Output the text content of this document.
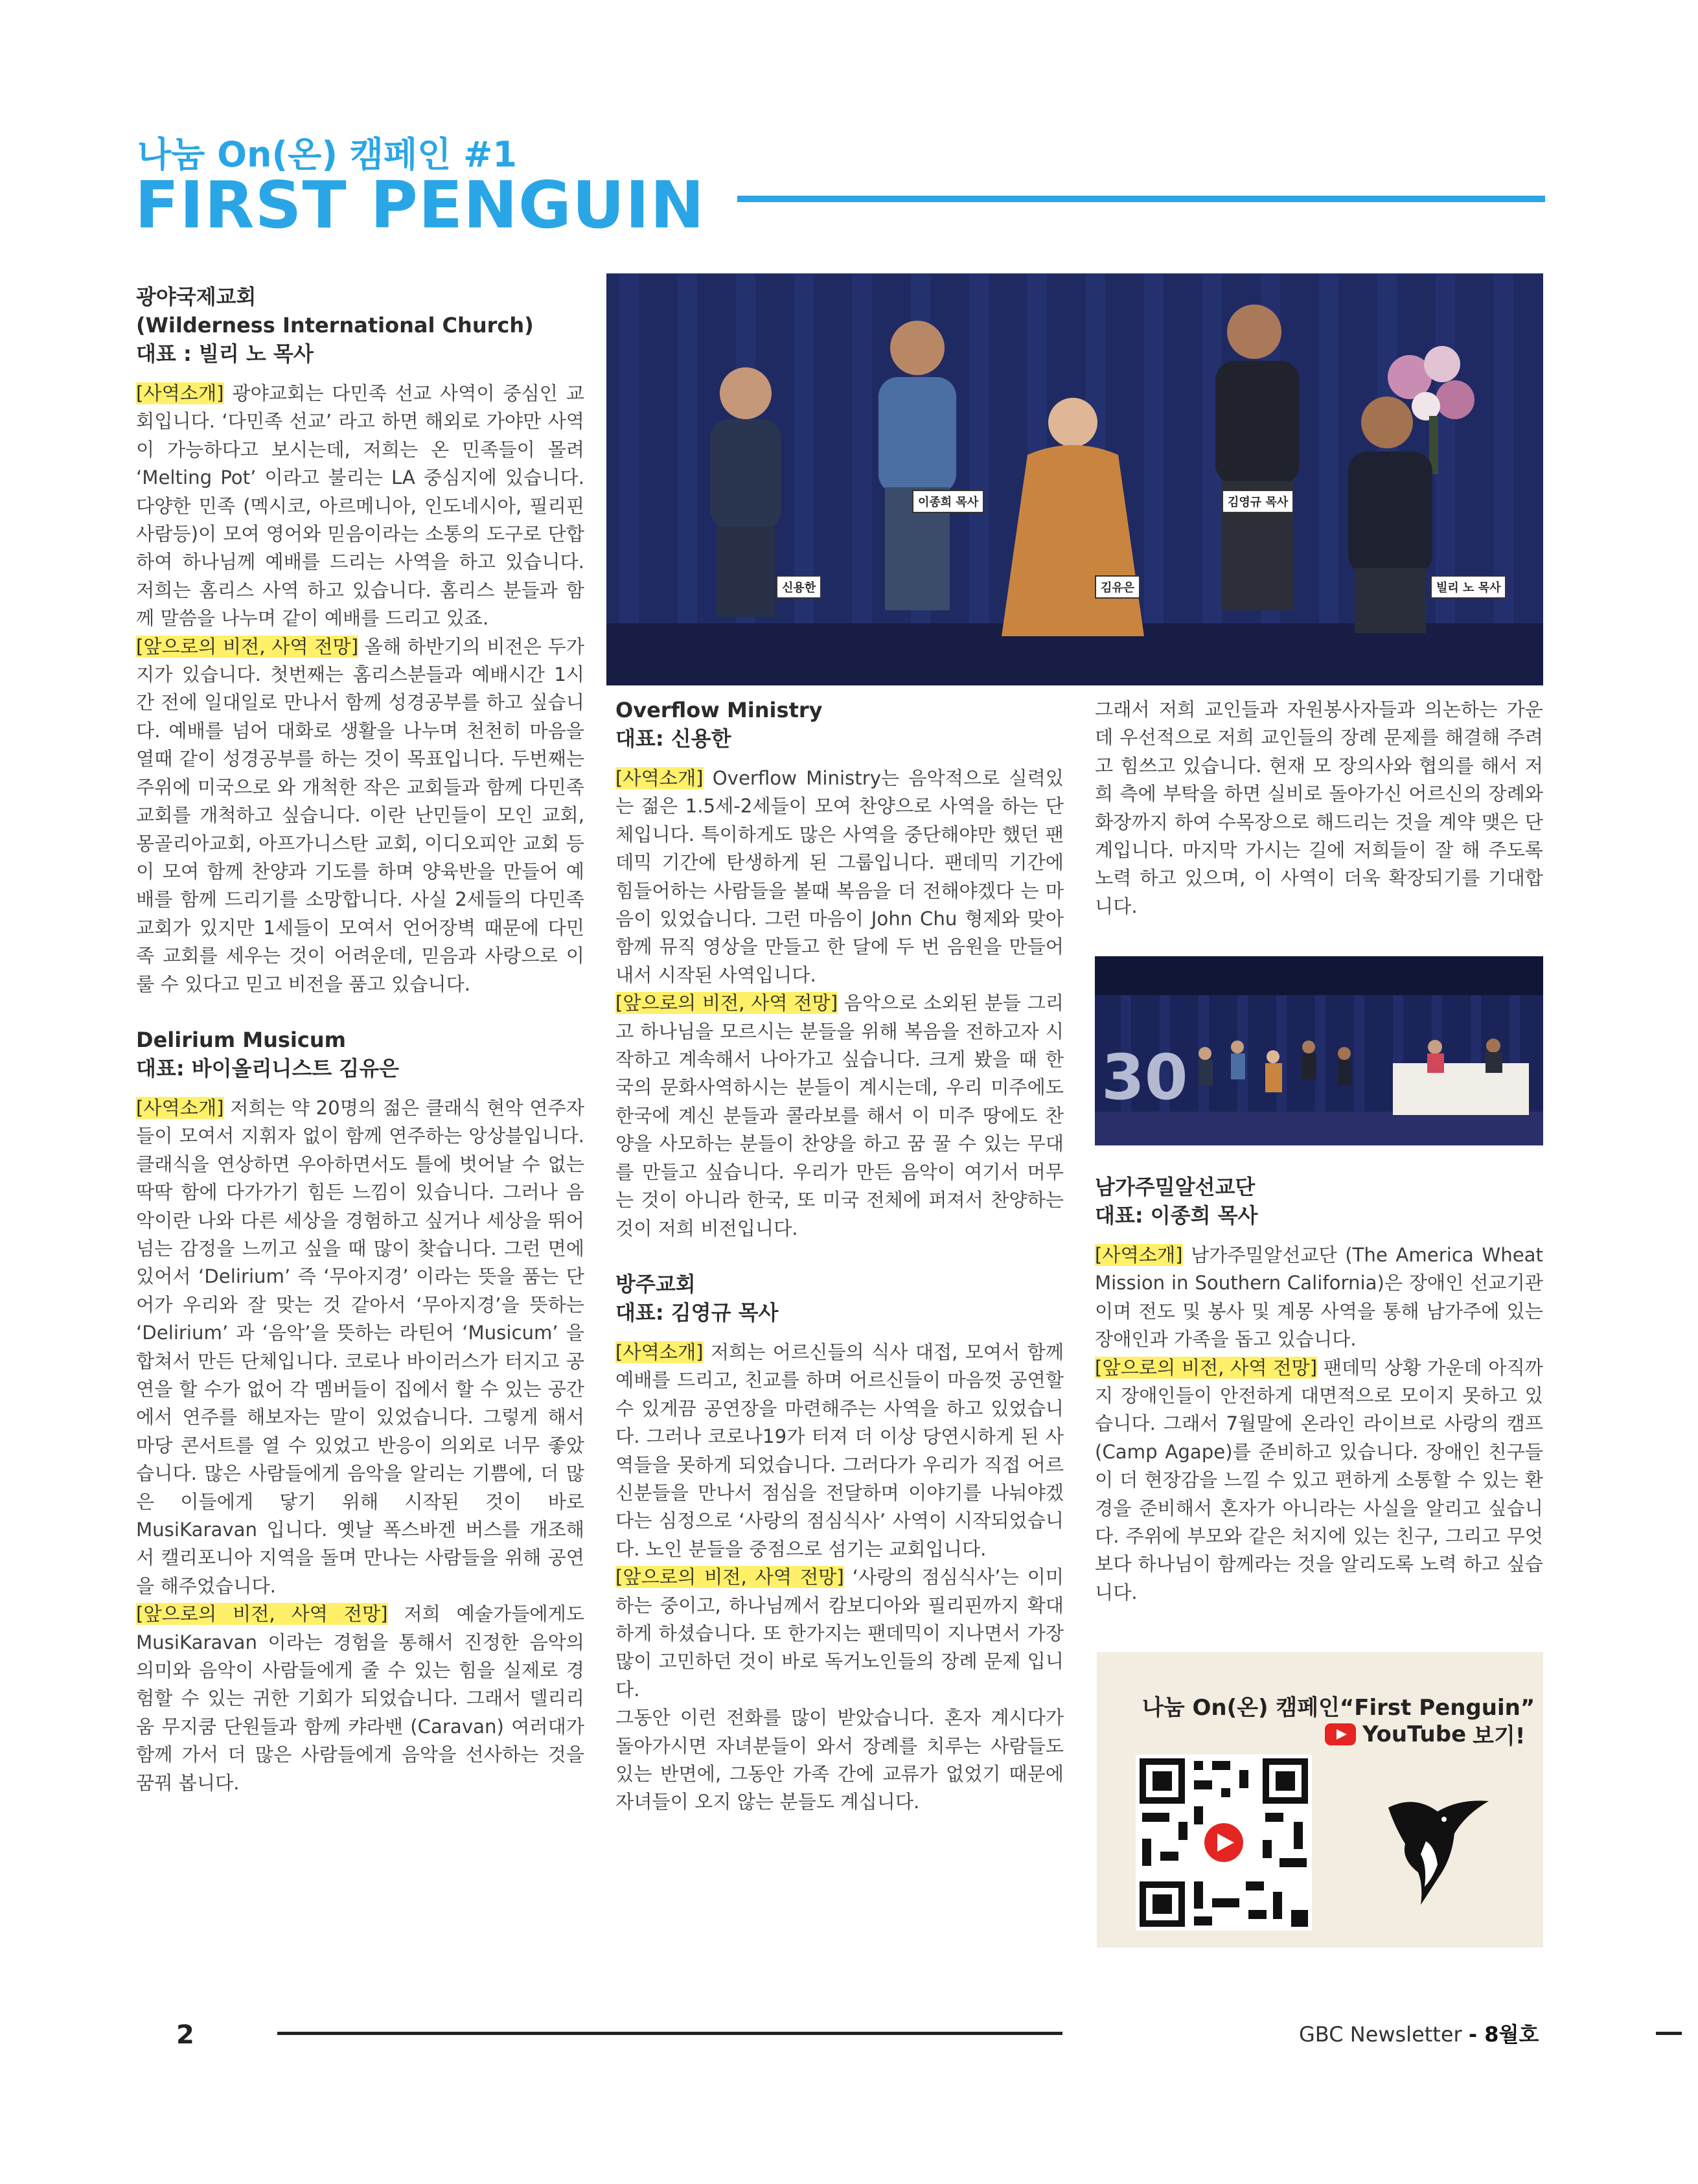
나눔 On(온) 캠페인 #1
FIRST PENGUIN
광야국제교회
(Wilderness International Church)
대표 : 빌리 노 목사

[사역소개] 광야교회는 다민족 선교 사역이 중심인 교회입니다. ‘다민족 선교’ 라고 하면 해외로 가야만 사역이 가능하다고 보시는데, 저희는 온 민족들이 몰려 ‘Melting Pot’ 이라고 불리는 LA 중심지에 있습니다. 다양한 민족 (멕시코, 아르메니아, 인도네시아, 필리핀 사람등)이 모여 영어와 믿음이라는 소통의 도구로 단합하여 하나님께 예배를 드리는 사역을 하고 있습니다. 저희는 홈리스 사역 하고 있습니다. 홈리스 분들과 함께 말씀을 나누며 같이 예배를 드리고 있죠.

[앞으로의 비전, 사역 전망] 올해 하반기의 비전은 두가지가 있습니다. 첫번째는 홈리스분들과 예배시간 1시간 전에 일대일로 만나서 함께 성경공부를 하고 싶습니다. 예배를 넘어 대화로 생활을 나누며 천천히 마음을 열때 같이 성경공부를 하는 것이 목표입니다. 두번째는 주위에 미국으로 와 개척한 작은 교회들과 함께 다민족 교회를 개척하고 싶습니다. 이란 난민들이 모인 교회, 몽골리아교회, 아프가니스탄 교회, 이디오피안 교회 등이 모여 함께 찬양과 기도를 하며 양육반을 만들어 예배를 함께 드리기를 소망합니다. 사실 2세들의 다민족 교회가 있지만 1세들이 모여서 언어장벽 때문에 다민족 교회를 세우는 것이 어려운데, 믿음과 사랑으로 이룰 수 있다고 믿고 비전을 품고 있습니다.

Delirium Musicum
대표: 바이올리니스트 김유은

[사역소개] 저희는 약 20명의 젊은 클래식 현악 연주자들이 모여서 지휘자 없이 함께 연주하는 앙상블입니다. 클래식을 연상하면 우아하면서도 틀에 벗어날 수 없는 딱딱 함에 다가가기 힘든 느낌이 있습니다. 그러나 음악이란 나와 다른 세상을 경험하고 싶거나 세상을 뛰어넘는 감정을 느끼고 싶을 때 많이 찾습니다. 그런 면에 있어서 ‘Delirium’ 즉 ‘무아지경’ 이라는 뜻을 품는 단어가 우리와 잘 맞는 것 같아서 ‘무아지경’을 뜻하는 ‘Delirium’ 과 ‘음악’을 뜻하는 라틴어 ‘Musicum’ 을 합쳐서 만든 단체입니다. 코로나 바이러스가 터지고 공연을 할 수가 없어 각 멤버들이 집에서 할 수 있는 공간에서 연주를 해보자는 말이 있었습니다. 그렇게 해서 마당 콘서트를 열 수 있었고 반응이 의외로 너무 좋았습니다. 많은 사람들에게 음악을 알리는 기쁨에, 더 많은 이들에게 닿기 위해 시작된 것이 바로 MusiKaravan 입니다. 옛날 폭스바겐 버스를 개조해서 캘리포니아 지역을 돌며 만나는 사람들을 위해 공연을 해주었습니다.

[앞으로의 비전, 사역 전망] 저희 예술가들에게도 MusiKaravan 이라는 경험을 통해서 진정한 음악의 의미와 음악이 사람들에게 줄 수 있는 힘을 실제로 경험할 수 있는 귀한 기회가 되었습니다. 그래서 델리리움 무지쿰 단원들과 함께 캬라밴 (Caravan) 여러대가 함께 가서 더 많은 사람들에게 음악을 선사하는 것을 꿈꿔 봅니다.

신용한
이종희 목사
김유은
김영규 목사
빌리 노 목사
Overflow Ministry
대표: 신용한

[사역소개] Overflow Ministry는 음악적으로 실력있는 젊은 1.5세-2세들이 모여 찬양으로 사역을 하는 단체입니다. 특이하게도 많은 사역을 중단해야만 했던 팬데믹 기간에 탄생하게 된 그룹입니다. 팬데믹 기간에 힘들어하는 사람들을 볼때 복음을 더 전해야겠다 는 마음이 있었습니다. 그런 마음이 John Chu 형제와 맞아 함께 뮤직 영상을 만들고 한 달에 두 번 음원을 만들어 내서 시작된 사역입니다.

[앞으로의 비전, 사역 전망] 음악으로 소외된 분들 그리고 하나님을 모르시는 분들을 위해 복음을 전하고자 시작하고 계속해서 나아가고 싶습니다. 크게 봤을 때 한국의 문화사역하시는 분들이 계시는데, 우리 미주에도 한국에 계신 분들과 콜라보를 해서 이 미주 땅에도 찬양을 사모하는 분들이 찬양을 하고 꿈 꿀 수 있는 무대를 만들고 싶습니다. 우리가 만든 음악이 여기서 머무는 것이 아니라 한국, 또 미국 전체에 퍼져서 찬양하는 것이 저희 비전입니다.

방주교회
대표: 김영규 목사

[사역소개] 저희는 어르신들의 식사 대접, 모여서 함께 예배를 드리고, 친교를 하며 어르신들이 마음껏 공연할 수 있게끔 공연장을 마련해주는 사역을 하고 있었습니다. 그러나 코로나19가 터져 더 이상 당연시하게 된 사역들을 못하게 되었습니다. 그러다가 우리가 직접 어르신분들을 만나서 점심을 전달하며 이야기를 나눠야겠다는 심정으로 ‘사랑의 점심식사’ 사역이 시작되었습니다. 노인 분들을 중점으로 섬기는 교회입니다.

[앞으로의 비전, 사역 전망] ‘사랑의 점심식사’는 이미 하는 중이고, 하나님께서 캄보디아와 필리핀까지 확대하게 하셨습니다. 또 한가지는 팬데믹이 지나면서 가장 많이 고민하던 것이 바로 독거노인들의 장례 문제 입니다.

그동안 이런 전화를 많이 받았습니다. 혼자 계시다가 돌아가시면 자녀분들이 와서 장례를 치루는 사람들도 있는 반면에, 그동안 가족 간에 교류가 없었기 때문에 자녀들이 오지 않는 분들도 계십니다.

그래서 저희 교인들과 자원봉사자들과 의논하는 가운데 우선적으로 저희 교인들의 장례 문제를 해결해 주려고 힘쓰고 있습니다. 현재 모 장의사와 협의를 해서 저희 측에 부탁을 하면 실비로 돌아가신 어르신의 장례와 화장까지 하여 수목장으로 해드리는 것을 계약 맺은 단계입니다. 마지막 가시는 길에 저희들이 잘 해 주도록 노력 하고 있으며, 이 사역이 더욱 확장되기를 기대합니다.

30
남가주밀알선교단
대표: 이종희 목사

[사역소개] 남가주밀알선교단 (The America Wheat Mission in Southern California)은 장애인 선교기관이며 전도 및 봉사 및 계몽 사역을 통해 남가주에 있는 장애인과 가족을 돕고 있습니다.

[앞으로의 비전, 사역 전망] 팬데믹 상황 가운데 아직까지 장애인들이 안전하게 대면적으로 모이지 못하고 있습니다. 그래서 7월말에 온라인 라이브로 사랑의 캠프(Camp Agape)를 준비하고 있습니다. 장애인 친구들이 더 현장감을 느낄 수 있고 편하게 소통할 수 있는 환경을 준비해서 혼자가 아니라는 사실을 알리고 싶습니다. 주위에 부모와 같은 처지에 있는 친구, 그리고 무엇보다 하나님이 함께라는 것을 알리도록 노력 하고 싶습니다.

나눔 On(온) 캠페인“First Penguin”
YouTube 보기!
2	GBC Newsletter - 8월호
